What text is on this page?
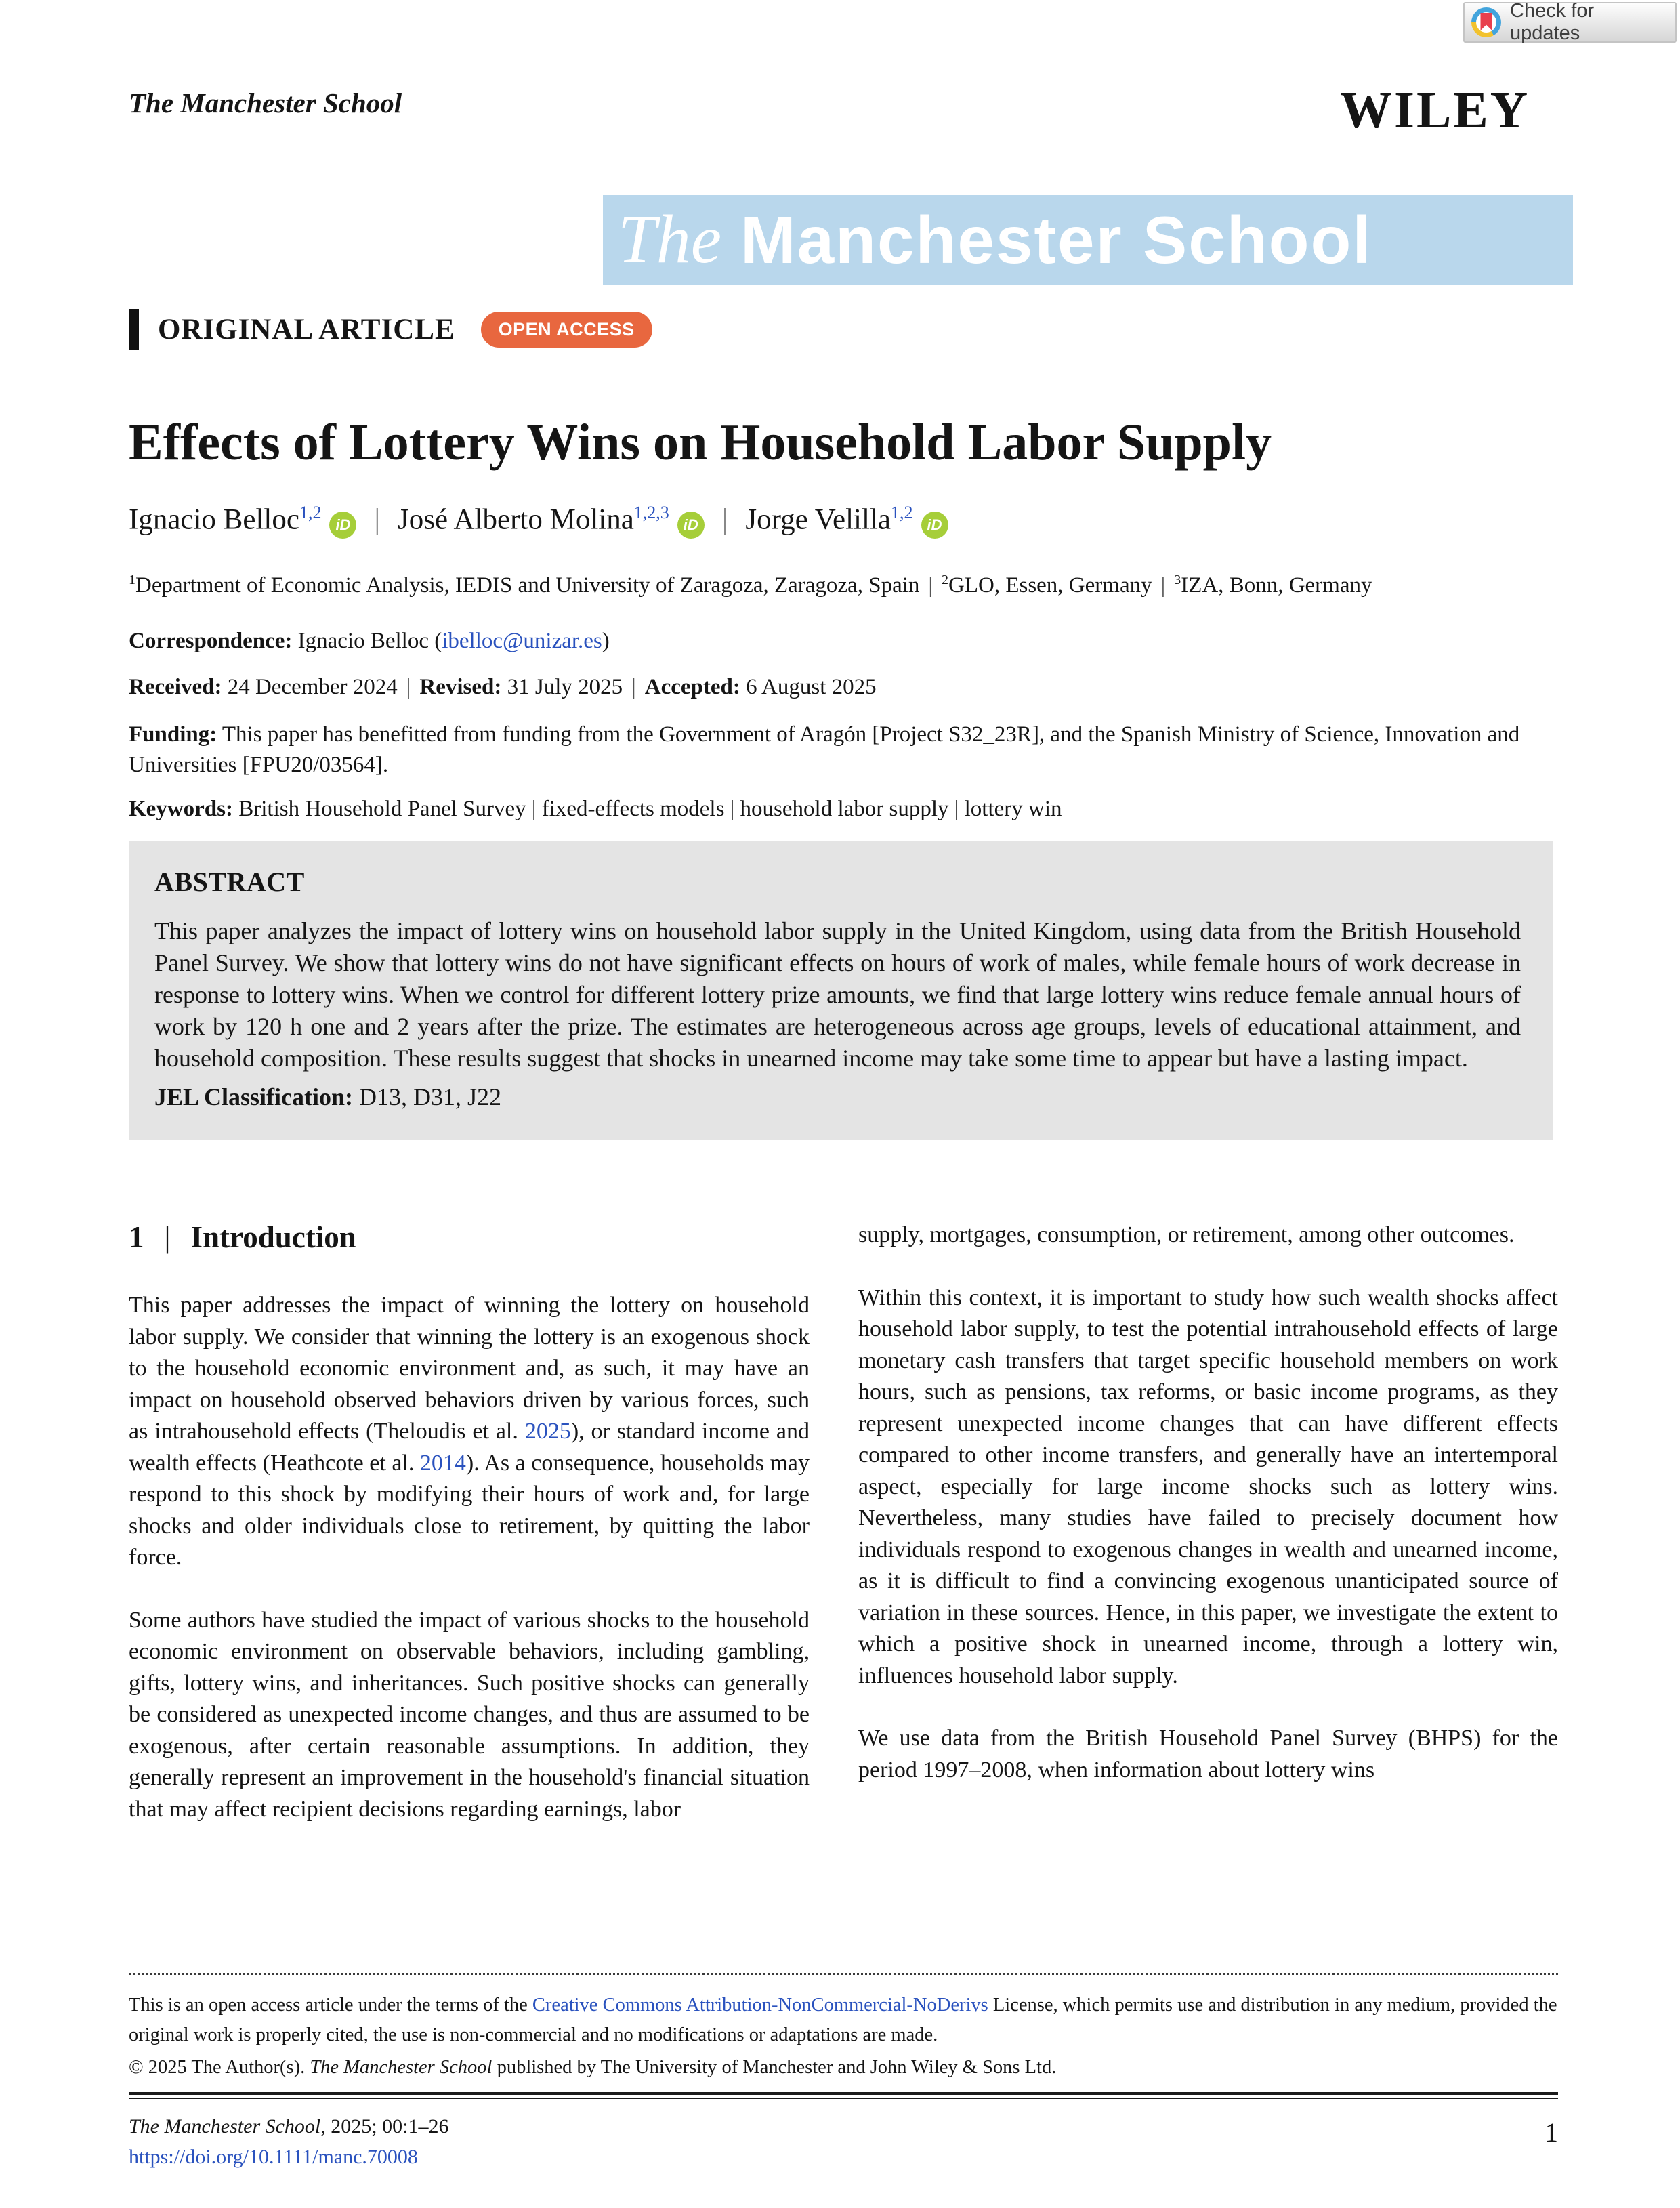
Check for updates
The Manchester School	WILEY
The Manchester School
ORIGINAL ARTICLE	OPEN ACCESS
Effects of Lottery Wins on Household Labor Supply
Ignacio Belloc$^{1,2}$iD | José Alberto Molina$^{1,2,3}$iD | Jorge Velilla$^{1,2}$iD
$^1$Department of Economic Analysis, IEDIS and University of Zaragoza, Zaragoza, Spain | $^2$GLO, Essen, Germany | $^3$IZA, Bonn, Germany
Correspondence: Ignacio Belloc (ibelloc@unizar.es)
Received: 24 December 2024 | Revised: 31 July 2025 | Accepted: 6 August 2025
Funding: This paper has benefitted from funding from the Government of Aragón [Project S32_23R], and the Spanish Ministry of Science, Innovation and Universities [FPU20/03564].
Keywords: British Household Panel Survey | fixed-effects models | household labor supply | lottery win
ABSTRACT
This paper analyzes the impact of lottery wins on household labor supply in the United Kingdom, using data from the British Household Panel Survey. We show that lottery wins do not have significant effects on hours of work of males, while female hours of work decrease in response to lottery wins. When we control for different lottery prize amounts, we find that large lottery wins reduce female annual hours of work by 120 h one and 2 years after the prize. The estimates are heterogeneous across age groups, levels of educational attainment, and household composition. These results suggest that shocks in unearned income may take some time to appear but have a lasting impact.
JEL Classification: D13, D31, J22
1 | Introduction

This paper addresses the impact of winning the lottery on household labor supply. We consider that winning the lottery is an exogenous shock to the household economic environment and, as such, it may have an impact on household observed behaviors driven by various forces, such as intrahousehold effects (Theloudis et al. 2025), or standard income and wealth effects (Heathcote et al. 2014). As a consequence, households may respond to this shock by modifying their hours of work and, for large shocks and older individuals close to retirement, by quitting the labor force.

Some authors have studied the impact of various shocks to the household economic environment on observable behaviors, including gambling, gifts, lottery wins, and inheritances. Such positive shocks can generally be considered as unexpected income changes, and thus are assumed to be exogenous, after certain reasonable assumptions. In addition, they generally represent an improvement in the household's financial situation that may affect recipient decisions regarding earnings, labor

supply, mortgages, consumption, or retirement, among other outcomes.

Within this context, it is important to study how such wealth shocks affect household labor supply, to test the potential intrahousehold effects of large monetary cash transfers that target specific household members on work hours, such as pensions, tax reforms, or basic income programs, as they represent unexpected income changes that can have different effects compared to other income transfers, and generally have an intertemporal aspect, especially for large income shocks such as lottery wins. Nevertheless, many studies have failed to precisely document how individuals respond to exogenous changes in wealth and unearned income, as it is difficult to find a convincing exogenous unanticipated source of variation in these sources. Hence, in this paper, we investigate the extent to which a positive shock in unearned income, through a lottery win, influences household labor supply.

We use data from the British Household Panel Survey (BHPS) for the period 1997–2008, when information about lottery wins

This is an open access article under the terms of the Creative Commons Attribution-NonCommercial-NoDerivs License, which permits use and distribution in any medium, provided the original work is properly cited, the use is non-commercial and no modifications or adaptations are made.
© 2025 The Author(s). The Manchester School published by The University of Manchester and John Wiley & Sons Ltd.
The Manchester School, 2025; 00:1–26
https://doi.org/10.1111/manc.70008
1
